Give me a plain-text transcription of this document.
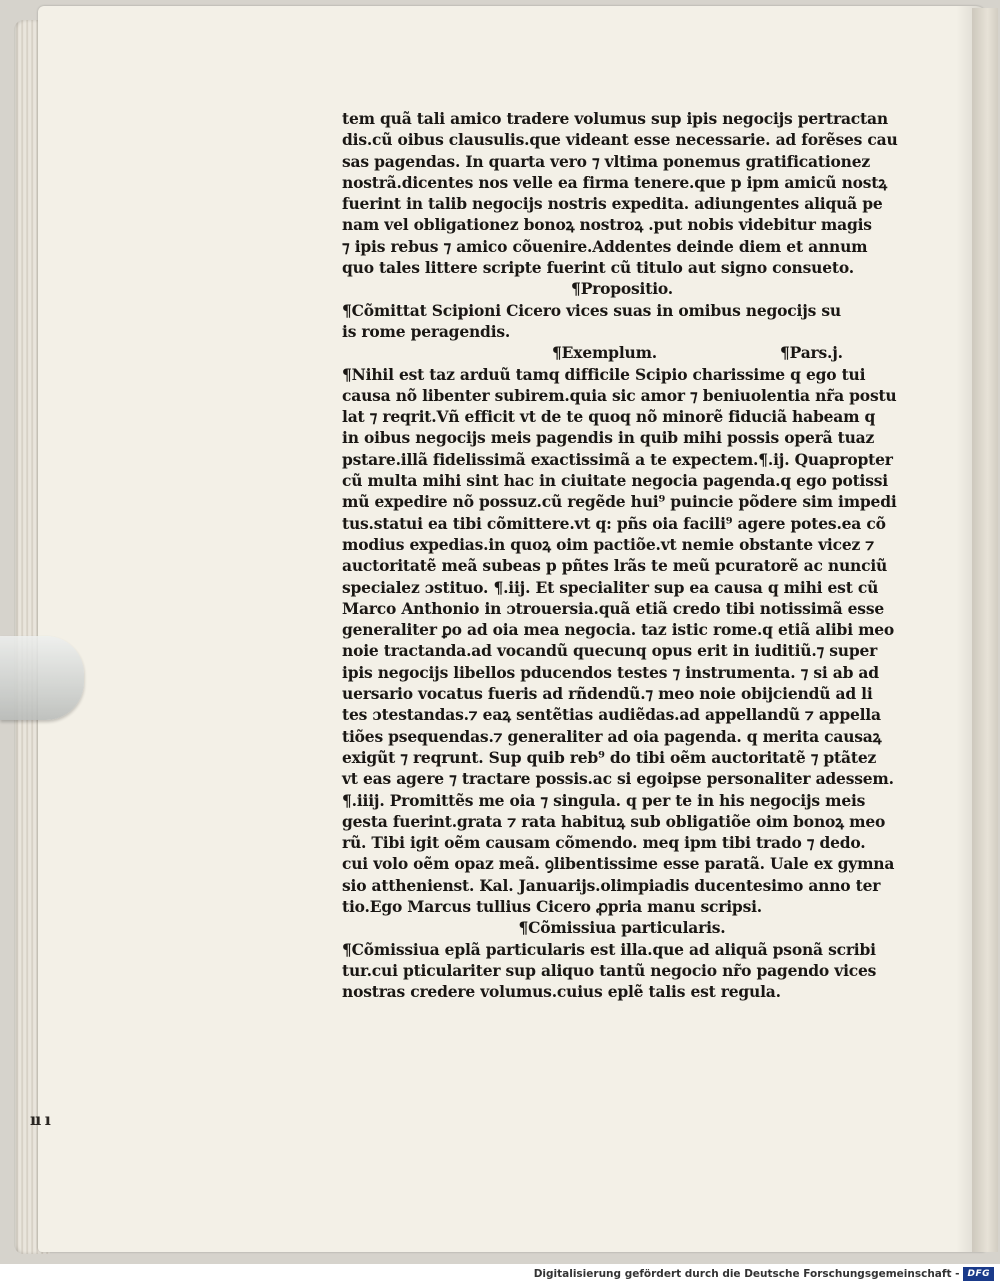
ıı ı
tem quã tali amico tradere volumus sup ipis negocijs pertractan
dis.cũ oibus clausulis.que videant esse necessarie. ad forẽses cau
sas pagendas. In quarta vero ⁊ vltima ponemus gratificationez
nostrã.dicentes nos velle ea firma tenere.que p ipm amicũ nostꝝ
fuerint in talib negocijs nostris expedita. adiungentes aliquã pe
nam vel obligationez bonoꝝ nostroꝝ .put nobis videbitur magis
⁊ ipis rebus ⁊ amico cõuenire.Addentes deinde diem et annum
quo tales littere scripte fuerint cũ titulo aut signo consueto.
¶Propositio.
¶Cõmittat Scipioni Cicero vices suas in omibus negocijs su
is rome peragendis.
¶Exemplum.	¶Pars.j.

¶Nihil est taz arduũ tamq difficile Scipio charissime q ego tui
causa nõ libenter subirem.quia sic amor ⁊ beniuolentia nr̃a postu
lat ⁊ reqrit.Vñ efficit vt de te quoq nõ minorẽ fiduciã habeam q
in oibus negocijs meis pagendis in quib mihi possis operã tuaz
pstare.illã fidelissimã exactissimã a te expectem.¶.ij. Quapropter
cũ multa mihi sint hac in ciuitate negocia pagenda.q ego potissi
mũ expedire nõ possuz.cũ regẽde hui⁹ puincie põdere sim impedi
tus.statui ea tibi cõmittere.vt q: pñs oia facili⁹ agere potes.ea cõ
modius expedias.in quoꝝ oim pactiõe.vt nemie obstante vicez ⁊
auctoritatẽ meã subeas p pñtes lrãs te meũ pcuratorẽ ac nunciũ
specialez ɔstituo. ¶.iij. Et specialiter sup ea causa q mihi est cũ
Marco Anthonio in ɔtrouersia.quã etiã credo tibi notissimã esse
generaliter ꝑo ad oia mea negocia. taz istic rome.q etiã alibi meo
noie tractanda.ad vocandũ quecunq opus erit in iuditiũ.⁊ super
ipis negocijs libellos pducendos testes ⁊ instrumenta. ⁊ si ab ad
uersario vocatus fueris ad rñdendũ.⁊ meo noie obijciendũ ad li
tes ɔtestandas.⁊ eaꝝ sentẽtias audiẽdas.ad appellandũ ⁊ appella
tiões psequendas.⁊ generaliter ad oia pagenda. q merita causaꝝ
exigũt ⁊ reqrunt. Sup quib reb⁹ do tibi oẽm auctoritatẽ ⁊ ptãtez
vt eas agere ⁊ tractare possis.ac si egoipse personaliter adessem.
¶.iiij. Promittẽs me oia ⁊ singula. q per te in his negocijs meis
gesta fuerint.grata ⁊ rata habituꝝ sub obligatiõe oim bonoꝝ meo
rũ. Tibi igit oẽm causam cõmendo. meq ipm tibi trado ⁊ dedo.
cui volo oẽm opaz meã. ꝯlibentissime esse paratã. Uale ex gymna
sio atthenienst. Kal. Januarijs.olimpiadis ducentesimo anno ter
tio.Ego Marcus tullius Cicero ꝓpria manu scripsi.
¶Cõmissiua particularis.
¶Cõmissiua eplã particularis est illa.que ad aliquã psonã scribi
tur.cui pticulariter sup aliquo tantũ negocio nr̃o pagendo vices
nostras credere volumus.cuius eplẽ talis est regula.
Digitalisierung gefördert durch die Deutsche Forschungsgemeinschaft - DFG
